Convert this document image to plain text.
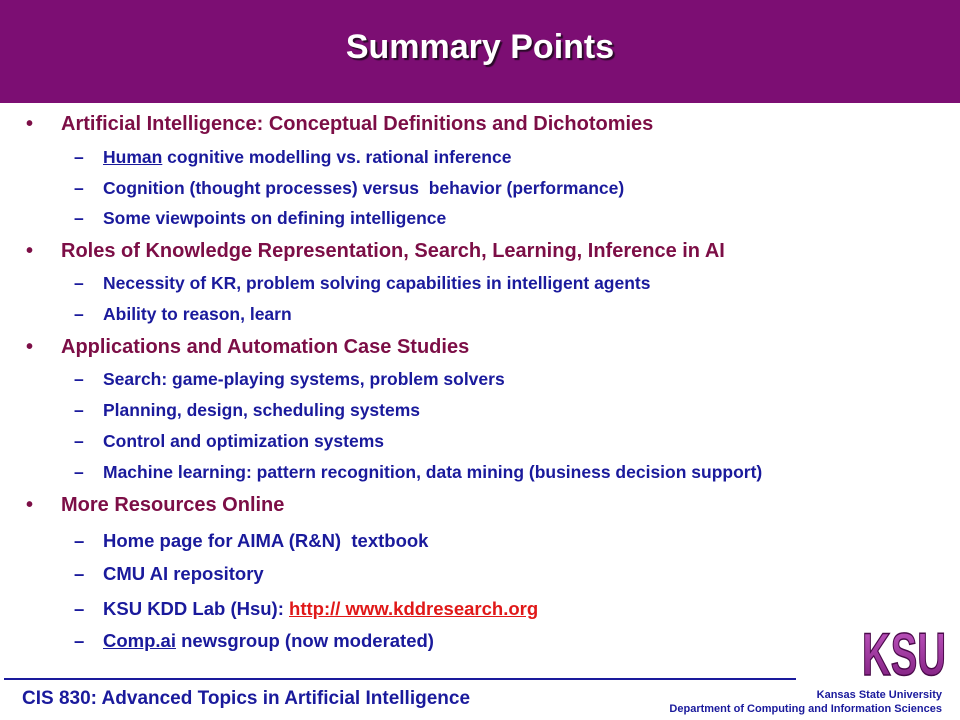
Summary Points
• Artificial Intelligence: Conceptual Definitions and Dichotomies
– Human cognitive modelling vs. rational inference
– Cognition (thought processes) versus  behavior (performance)
– Some viewpoints on defining intelligence
• Roles of Knowledge Representation, Search, Learning, Inference in AI
– Necessity of KR, problem solving capabilities in intelligent agents
– Ability to reason, learn
• Applications and Automation Case Studies
– Search: game-playing systems, problem solvers
– Planning, design, scheduling systems
– Control and optimization systems
– Machine learning: pattern recognition, data mining (business decision support)
• More Resources Online
– Home page for AIMA (R&N)  textbook
– CMU AI repository
– KSU KDD Lab (Hsu): http:// www.kddresearch.org
– Comp.ai newsgroup (now moderated)
CIS 830: Advanced Topics in Artificial Intelligence
KSU
Kansas State University
Department of Computing and Information Sciences
